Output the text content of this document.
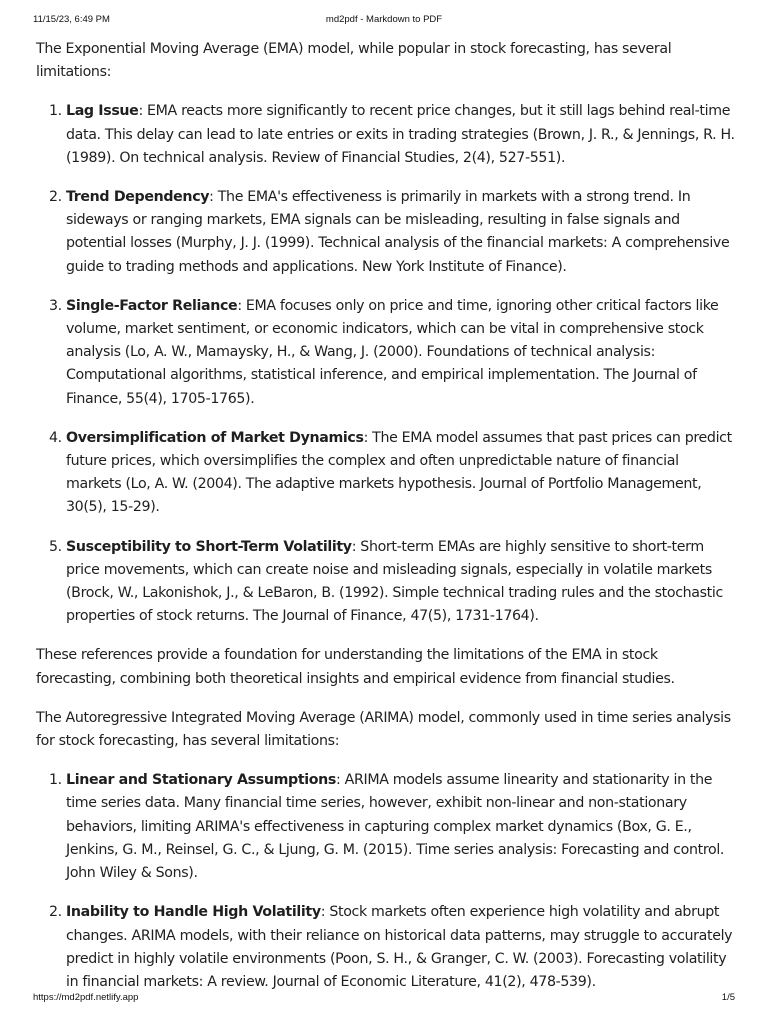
11/15/23, 6:49 PM	md2pdf - Markdown to PDF

The Exponential Moving Average (EMA) model, while popular in stock forecasting, has several limitations:

1. Lag Issue: EMA reacts more significantly to recent price changes, but it still lags behind real-time data. This delay can lead to late entries or exits in trading strategies (Brown, J. R., & Jennings, R. H. (1989). On technical analysis. Review of Financial Studies, 2(4), 527-551).
2. Trend Dependency: The EMA's effectiveness is primarily in markets with a strong trend. In sideways or ranging markets, EMA signals can be misleading, resulting in false signals and potential losses (Murphy, J. J. (1999). Technical analysis of the financial markets: A comprehensive guide to trading methods and applications. New York Institute of Finance).
3. Single-Factor Reliance: EMA focuses only on price and time, ignoring other critical factors like volume, market sentiment, or economic indicators, which can be vital in comprehensive stock analysis (Lo, A. W., Mamaysky, H., & Wang, J. (2000). Foundations of technical analysis: Computational algorithms, statistical inference, and empirical implementation. The Journal of Finance, 55(4), 1705-1765).
4. Oversimplification of Market Dynamics: The EMA model assumes that past prices can predict future prices, which oversimplifies the complex and often unpredictable nature of financial markets (Lo, A. W. (2004). The adaptive markets hypothesis. Journal of Portfolio Management, 30(5), 15-29).
5. Susceptibility to Short-Term Volatility: Short-term EMAs are highly sensitive to short-term price movements, which can create noise and misleading signals, especially in volatile markets (Brock, W., Lakonishok, J., & LeBaron, B. (1992). Simple technical trading rules and the stochastic properties of stock returns. The Journal of Finance, 47(5), 1731-1764).

These references provide a foundation for understanding the limitations of the EMA in stock forecasting, combining both theoretical insights and empirical evidence from financial studies.

The Autoregressive Integrated Moving Average (ARIMA) model, commonly used in time series analysis for stock forecasting, has several limitations:

1. Linear and Stationary Assumptions: ARIMA models assume linearity and stationarity in the time series data. Many financial time series, however, exhibit non-linear and non-stationary behaviors, limiting ARIMA's effectiveness in capturing complex market dynamics (Box, G. E., Jenkins, G. M., Reinsel, G. C., & Ljung, G. M. (2015). Time series analysis: Forecasting and control. John Wiley & Sons).
2. Inability to Handle High Volatility: Stock markets often experience high volatility and abrupt changes. ARIMA models, with their reliance on historical data patterns, may struggle to accurately predict in highly volatile environments (Poon, S. H., & Granger, C. W. (2003). Forecasting volatility in financial markets: A review. Journal of Economic Literature, 41(2), 478-539).
https://md2pdf.netlify.app	1/5
